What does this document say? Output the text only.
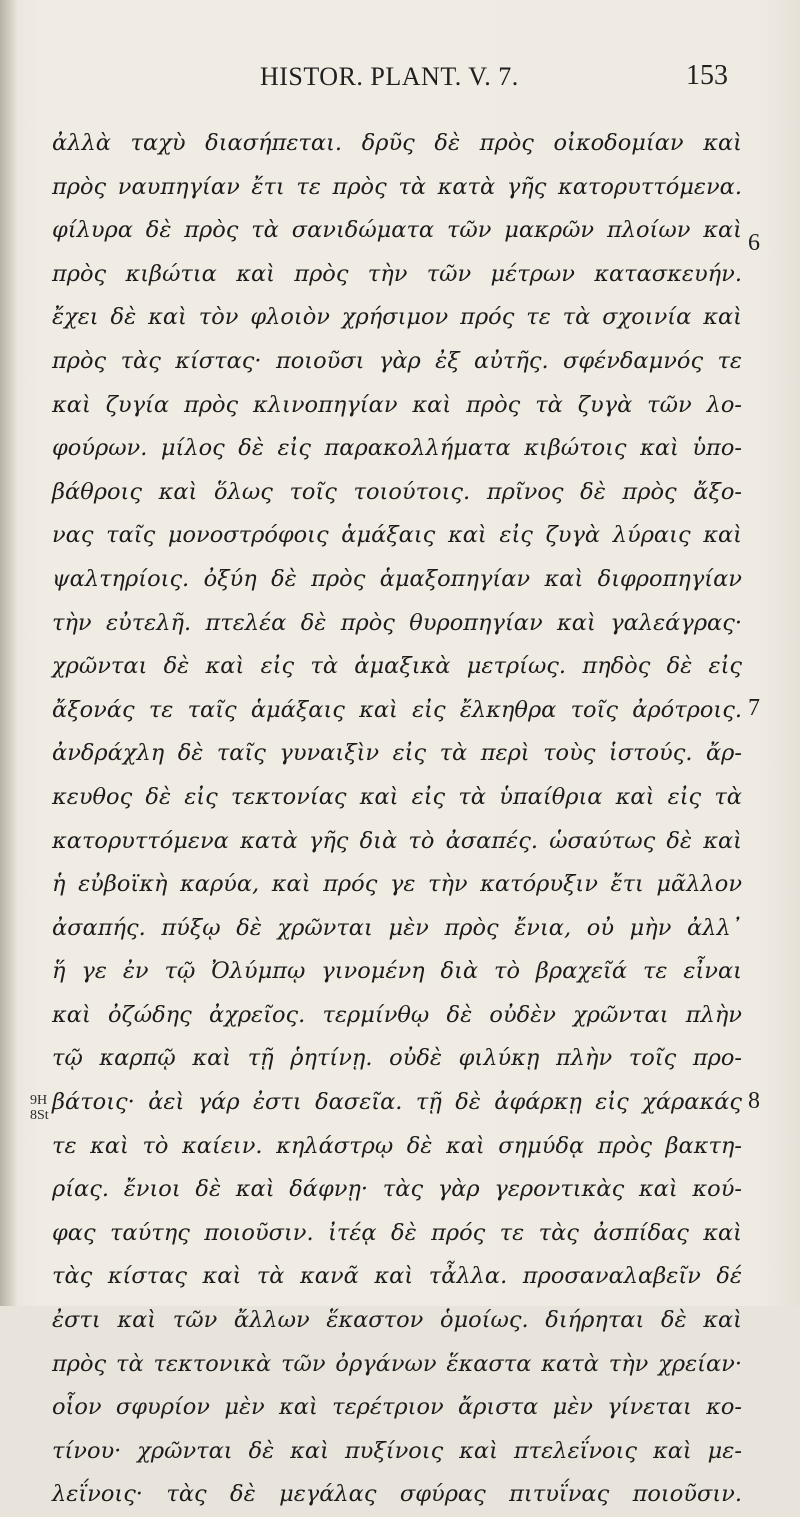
HISTOR. PLANT. V. 7.	153
ἀλλὰ ταχὺ διασήπεται. δρῦς δὲ πρὸς οἰκοδομίαν καὶ
πρὸς ναυπηγίαν ἔτι τε πρὸς τὰ κατὰ γῆς κατορυττόμενα.
φίλυρα δὲ πρὸς τὰ σανιδώματα τῶν μακρῶν πλοίων καὶ
πρὸς κιβώτια καὶ πρὸς τὴν τῶν μέτρων κατασκευήν.
ἔχει δὲ καὶ τὸν φλοιὸν χρήσιμον πρός τε τὰ σχοινία καὶ
πρὸς τὰς κίστας· ποιοῦσι γὰρ ἐξ αὐτῆς. σφένδαμνός τε
καὶ ζυγία πρὸς κλινοπηγίαν καὶ πρὸς τὰ ζυγὰ τῶν λο-
φούρων. μίλος δὲ εἰς παρακολλήματα κιβώτοις καὶ ὑπο-
βάθροις καὶ ὅλως τοῖς τοιούτοις. πρῖνος δὲ πρὸς ἄξο-
νας ταῖς μονοστρόφοις ἁμάξαις καὶ εἰς ζυγὰ λύραις καὶ
ψαλτηρίοις. ὀξύη δὲ πρὸς ἁμαξοπηγίαν καὶ διφροπηγίαν
τὴν εὐτελῆ. πτελέα δὲ πρὸς θυροπηγίαν καὶ γαλεάγρας·
χρῶνται δὲ καὶ εἰς τὰ ἁμαξικὰ μετρίως. πηδὸς δὲ εἰς
ἄξονάς τε ταῖς ἁμάξαις καὶ εἰς ἔλκηθρα τοῖς ἀρότροις.
ἀνδράχλη δὲ ταῖς γυναιξὶν εἰς τὰ περὶ τοὺς ἱστούς. ἄρ-
κευθος δὲ εἰς τεκτονίας καὶ εἰς τὰ ὑπαίθρια καὶ εἰς τὰ
κατορυττόμενα κατὰ γῆς διὰ τὸ ἀσαπές. ὡσαύτως δὲ καὶ
ἡ εὐβοϊκὴ καρύα, καὶ πρός γε τὴν κατόρυξιν ἔτι μᾶλλον
ἀσαπής. πύξῳ δὲ χρῶνται μὲν πρὸς ἔνια, οὐ μὴν ἀλλ᾽
ἥ γε ἐν τῷ Ὀλύμπῳ γινομένη διὰ τὸ βραχεῖά τε εἶναι
καὶ ὀζώδης ἀχρεῖος. τερμίνθῳ δὲ οὐδὲν χρῶνται πλὴν
τῷ καρπῷ καὶ τῇ ῥητίνῃ. οὐδὲ φιλύκῃ πλὴν τοῖς προ-
βάτοις· ἀεὶ γάρ ἐστι δασεῖα. τῇ δὲ ἀφάρκῃ εἰς χάρακάς
τε καὶ τὸ καίειν. κηλάστρῳ δὲ καὶ σημύδᾳ πρὸς βακτη-
ρίας. ἔνιοι δὲ καὶ δάφνῃ· τὰς γὰρ γεροντικὰς καὶ κού-
φας ταύτης ποιοῦσιν. ἰτέᾳ δὲ πρός τε τὰς ἀσπίδας καὶ
τὰς κίστας καὶ τὰ κανᾶ καὶ τἆλλα. προσαναλαβεῖν δέ
ἐστι καὶ τῶν ἄλλων ἕκαστον ὁμοίως. διήρηται δὲ καὶ
πρὸς τὰ τεκτονικὰ τῶν ὀργάνων ἕκαστα κατὰ τὴν χρείαν·
οἷον σφυρίον μὲν καὶ τερέτριον ἄριστα μὲν γίνεται κο-
τίνου· χρῶνται δὲ καὶ πυξίνοις καὶ πτελεΐνοις καὶ με-
λεΐνοις· τὰς δὲ μεγάλας σφύρας πιτυΐνας ποιοῦσιν.
6
7
8
9H
8St
